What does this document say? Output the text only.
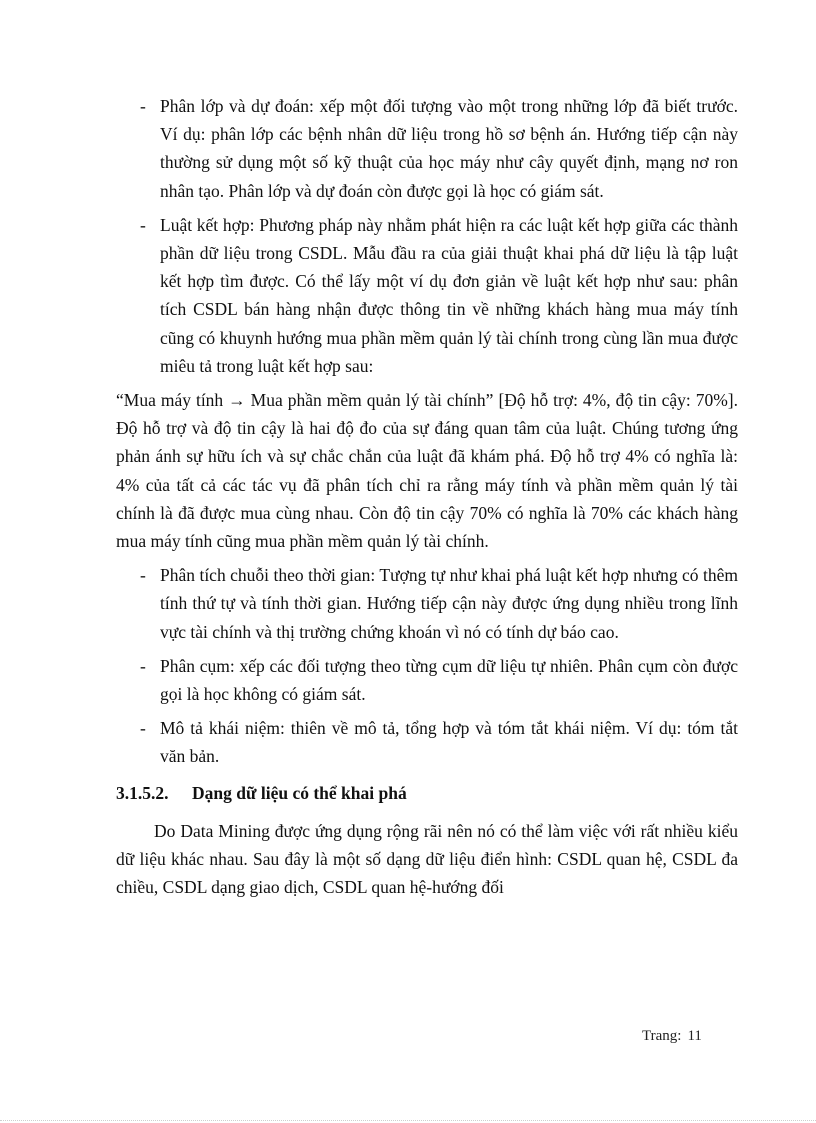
- Phân lớp và dự đoán: xếp một đối tượng vào một trong những lớp đã biết trước. Ví dụ: phân lớp các bệnh nhân dữ liệu trong hồ sơ bệnh án. Hướng tiếp cận này thường sử dụng một số kỹ thuật của học máy như cây quyết định, mạng nơ ron nhân tạo. Phân lớp và dự đoán còn được gọi là học có giám sát.
- Luật kết hợp: Phương pháp này nhằm phát hiện ra các luật kết hợp giữa các thành phần dữ liệu trong CSDL. Mẫu đầu ra của giải thuật khai phá dữ liệu là tập luật kết hợp tìm được. Có thể lấy một ví dụ đơn giản về luật kết hợp như sau: phân tích CSDL bán hàng nhận được thông tin về những khách hàng mua máy tính cũng có khuynh hướng mua phần mềm quản lý tài chính trong cùng lần mua được miêu tả trong luật kết hợp sau:

“Mua máy tính → Mua phần mềm quản lý tài chính” [Độ hỗ trợ: 4%, độ tin cậy: 70%]. Độ hỗ trợ và độ tin cậy là hai độ đo của sự đáng quan tâm của luật. Chúng tương ứng phản ánh sự hữu ích và sự chắc chắn của luật đã khám phá. Độ hỗ trợ 4% có nghĩa là: 4% của tất cả các tác vụ đã phân tích chỉ ra rằng máy tính và phần mềm quản lý tài chính là đã được mua cùng nhau. Còn độ tin cậy 70% có nghĩa là 70% các khách hàng mua máy tính cũng mua phần mềm quản lý tài chính.

- Phân tích chuỗi theo thời gian: Tượng tự như khai phá luật kết hợp nhưng có thêm tính thứ tự và tính thời gian. Hướng tiếp cận này được ứng dụng nhiều trong lĩnh vực tài chính và thị trường chứng khoán vì nó có tính dự báo cao.
- Phân cụm: xếp các đối tượng theo từng cụm dữ liệu tự nhiên. Phân cụm còn được gọi là học không có giám sát.
- Mô tả khái niệm: thiên về mô tả, tổng hợp và tóm tắt khái niệm. Ví dụ: tóm tắt văn bản.
3.1.5.2. Dạng dữ liệu có thể khai phá

Do Data Mining được ứng dụng rộng rãi nên nó có thể làm việc với rất nhiều kiểu dữ liệu khác nhau. Sau đây là một số dạng dữ liệu điển hình: CSDL quan hệ, CSDL đa chiều, CSDL dạng giao dịch, CSDL quan hệ-hướng đối

Trang: 11
